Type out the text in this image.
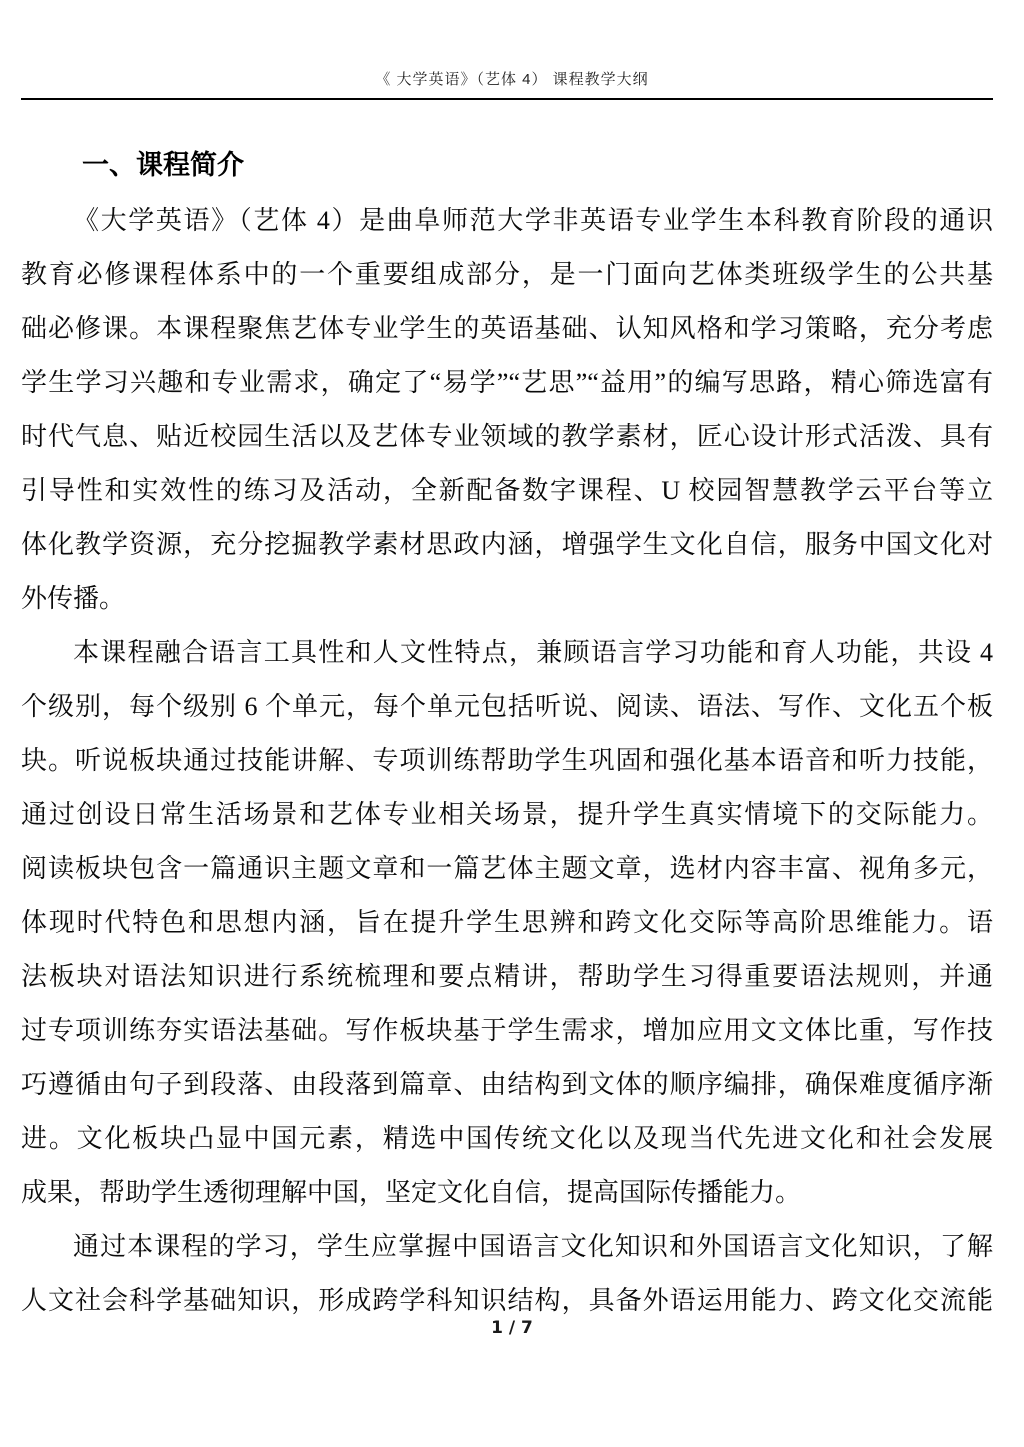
《 大学英语》（艺体 4） 课程教学大纲
一、课程简介
《大学英语》（艺体 4）是曲阜师范大学非英语专业学生本科教育阶段的通识
教育必修课程体系中的一个重要组成部分，是一门面向艺体类班级学生的公共基
础必修课。本课程聚焦艺体专业学生的英语基础、认知风格和学习策略，充分考虑
学生学习兴趣和专业需求，确定了“易学”“艺思”“益用”的编写思路，精心筛选富有
时代气息、贴近校园生活以及艺体专业领域的教学素材，匠心设计形式活泼、具有
引导性和实效性的练习及活动，全新配备数字课程、U 校园智慧教学云平台等立
体化教学资源，充分挖掘教学素材思政内涵，增强学生文化自信，服务中国文化对
外传播。
本课程融合语言工具性和人文性特点，兼顾语言学习功能和育人功能，共设 4
个级别，每个级别 6 个单元，每个单元包括听说、阅读、语法、写作、文化五个板
块。听说板块通过技能讲解、专项训练帮助学生巩固和强化基本语音和听力技能，
通过创设日常生活场景和艺体专业相关场景，提升学生真实情境下的交际能力。
阅读板块包含一篇通识主题文章和一篇艺体主题文章，选材内容丰富、视角多元，
体现时代特色和思想内涵，旨在提升学生思辨和跨文化交际等高阶思维能力。语
法板块对语法知识进行系统梳理和要点精讲，帮助学生习得重要语法规则，并通
过专项训练夯实语法基础。写作板块基于学生需求，增加应用文文体比重，写作技
巧遵循由句子到段落、由段落到篇章、由结构到文体的顺序编排，确保难度循序渐
进。文化板块凸显中国元素，精选中国传统文化以及现当代先进文化和社会发展
成果，帮助学生透彻理解中国，坚定文化自信，提高国际传播能力。
通过本课程的学习，学生应掌握中国语言文化知识和外国语言文化知识，了解
人文社会科学基础知识，形成跨学科知识结构，具备外语运用能力、跨文化交流能
1 / 7
